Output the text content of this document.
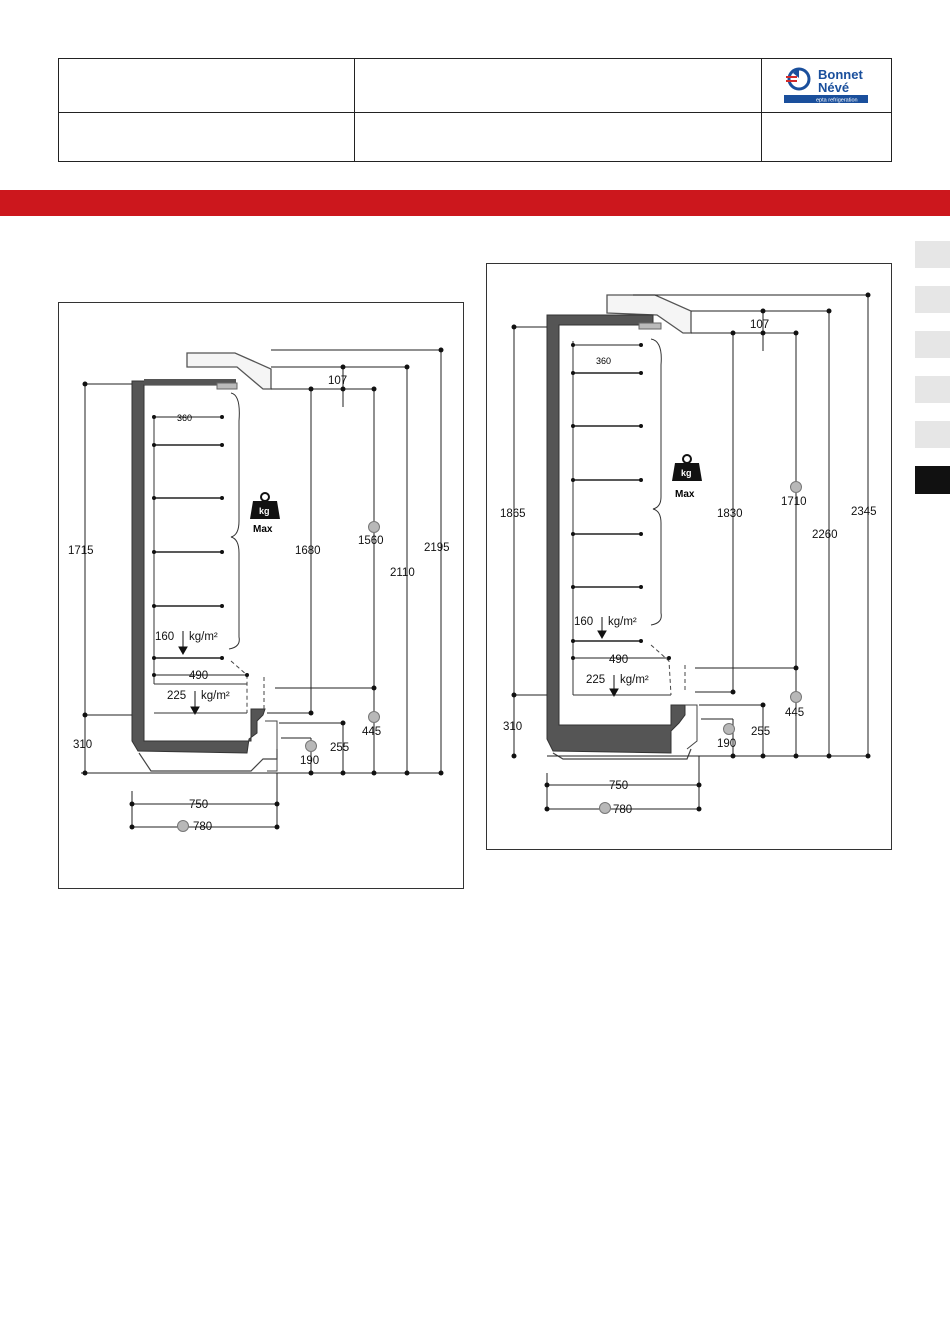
Bonnet
Névé
epta refrigeration
kg
Max
1715
310
1680
1560
2110
2195
107
445
255
190
490
750
780
160 kg/m²
225 kg/m²
360
kg
Max
1865
310
1830
1710
2260
2345
107
445
255
190
490
750
780
160 kg/m²
225 kg/m²
360
